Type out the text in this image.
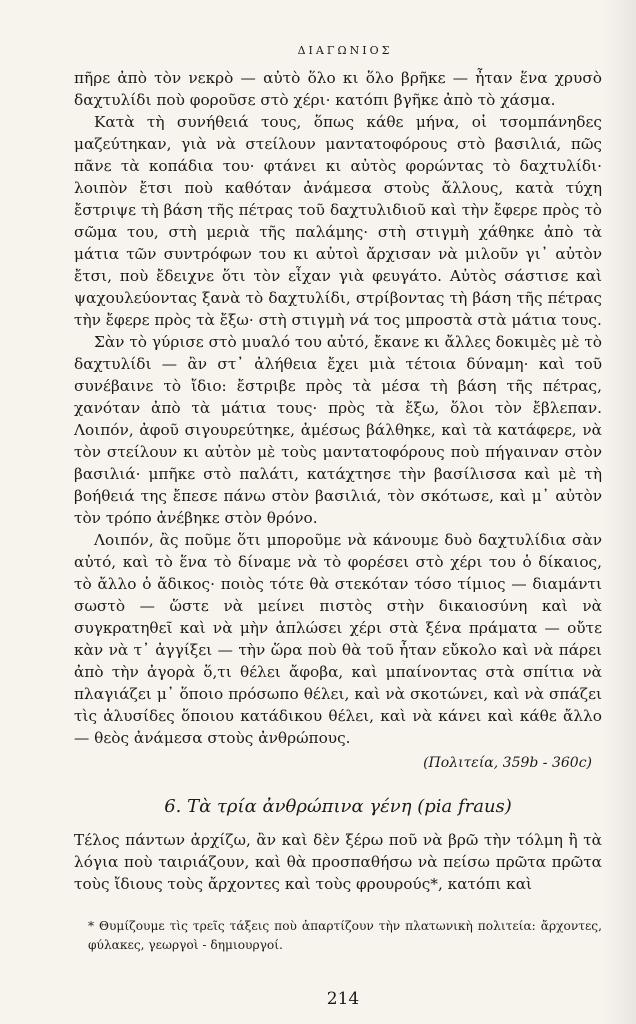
ΔΙΑΓΩΝΙΟΣ

πῆρε ἀπὸ τὸν νεκρὸ — αὐτὸ ὅλο κι ὅλο βρῆκε — ἦταν ἕνα χρυσὸ δαχτυλίδι ποὺ φοροῦσε στὸ χέρι· κατόπι βγῆκε ἀπὸ τὸ χάσμα.

Κατὰ τὴ συνήθειά τους, ὅπως κάθε μήνα, οἱ τσομπάνηδες μαζεύτηκαν, γιὰ νὰ στείλουν μαντατοφόρους στὸ βασιλιά, πῶς πᾶνε τὰ κοπάδια του· φτάνει κι αὐτὸς φορώντας τὸ δαχτυλίδι· λοιπὸν ἔτσι ποὺ καθόταν ἀνάμεσα στοὺς ἄλλους, κατὰ τύχη ἔστριψε τὴ βάση τῆς πέτρας τοῦ δαχτυλιδιοῦ καὶ τὴν ἔφερε πρὸς τὸ σῶμα του, στὴ μεριὰ τῆς παλάμης· στὴ στιγμὴ χάθηκε ἀπὸ τὰ μάτια τῶν συντρόφων του κι αὐτοὶ ἄρχισαν νὰ μιλοῦν γι᾽ αὐτὸν ἔτσι, ποὺ ἔδειχνε ὅτι τὸν εἶχαν γιὰ φευγάτο. Αὐτὸς σάστισε καὶ ψαχουλεύοντας ξανὰ τὸ δαχτυλίδι, στρίβοντας τὴ βάση τῆς πέτρας τὴν ἔφερε πρὸς τὰ ἔξω· στὴ στιγμὴ νά τος μπροστὰ στὰ μάτια τους.

Σὰν τὸ γύρισε στὸ μυαλό του αὐτό, ἔκανε κι ἄλλες δοκιμὲς μὲ τὸ δαχτυλίδι — ἂν στ᾽ ἀλήθεια ἔχει μιὰ τέτοια δύναμη· καὶ τοῦ συνέβαινε τὸ ἴδιο: ἔστριβε πρὸς τὰ μέσα τὴ βάση τῆς πέτρας, χανόταν ἀπὸ τὰ μάτια τους· πρὸς τὰ ἔξω, ὅλοι τὸν ἔβλεπαν. Λοιπόν, ἀφοῦ σιγουρεύτηκε, ἀμέσως βάλθηκε, καὶ τὰ κατάφερε, νὰ τὸν στείλουν κι αὐτὸν μὲ τοὺς μαντατοφόρους ποὺ πήγαιναν στὸν βασιλιά· μπῆκε στὸ παλάτι, κατάχτησε τὴν βασίλισσα καὶ μὲ τὴ βοήθειά της ἔπεσε πάνω στὸν βασιλιά, τὸν σκότωσε, καὶ μ᾽ αὐτὸν τὸν τρόπο ἀνέβηκε στὸν θρόνο.

Λοιπόν, ἂς ποῦμε ὅτι μποροῦμε νὰ κάνουμε δυὸ δαχτυλίδια σὰν αὐτό, καὶ τὸ ἕνα τὸ δίναμε νὰ τὸ φορέσει στὸ χέρι του ὁ δίκαιος, τὸ ἄλλο ὁ ἄδικος· ποιὸς τότε θὰ στεκόταν τόσο τίμιος — διαμάντι σωστὸ — ὥστε νὰ μείνει πιστὸς στὴν δικαιοσύνη καὶ νὰ συγκρατηθεῖ καὶ νὰ μὴν ἁπλώσει χέρι στὰ ξένα πράματα — οὔτε κὰν νὰ τ᾽ ἀγγίξει — τὴν ὥρα ποὺ θὰ τοῦ ἦταν εὔκολο καὶ νὰ πάρει ἀπὸ τὴν ἀγορὰ ὅ,τι θέλει ἄφοβα, καὶ μπαίνοντας στὰ σπίτια νὰ πλαγιάζει μ᾽ ὅποιο πρόσωπο θέλει, καὶ νὰ σκοτώνει, καὶ νὰ σπάζει τὶς ἁλυσίδες ὅποιου κατάδικου θέλει, καὶ νὰ κάνει καὶ κάθε ἄλλο — θεὸς ἀνάμεσα στοὺς ἀνθρώπους.

(Πολιτεία, 359b - 360c)
6. Τὰ τρία ἀνθρώπινα γένη (pia fraus)

Τέλος πάντων ἀρχίζω, ἂν καὶ δὲν ξέρω ποῦ νὰ βρῶ τὴν τόλμη ἢ τὰ λόγια ποὺ ταιριάζουν, καὶ θὰ προσπαθήσω νὰ πείσω πρῶτα πρῶτα τοὺς ἴδιους τοὺς ἄρχοντες καὶ τοὺς φρουρούς*, κατόπι καὶ

* Θυμίζουμε τὶς τρεῖς τάξεις ποὺ ἀπαρτίζουν τὴν πλατωνικὴ πολιτεία: ἄρχοντες, φύλακες, γεωργοὶ - δημιουργοί.
214
